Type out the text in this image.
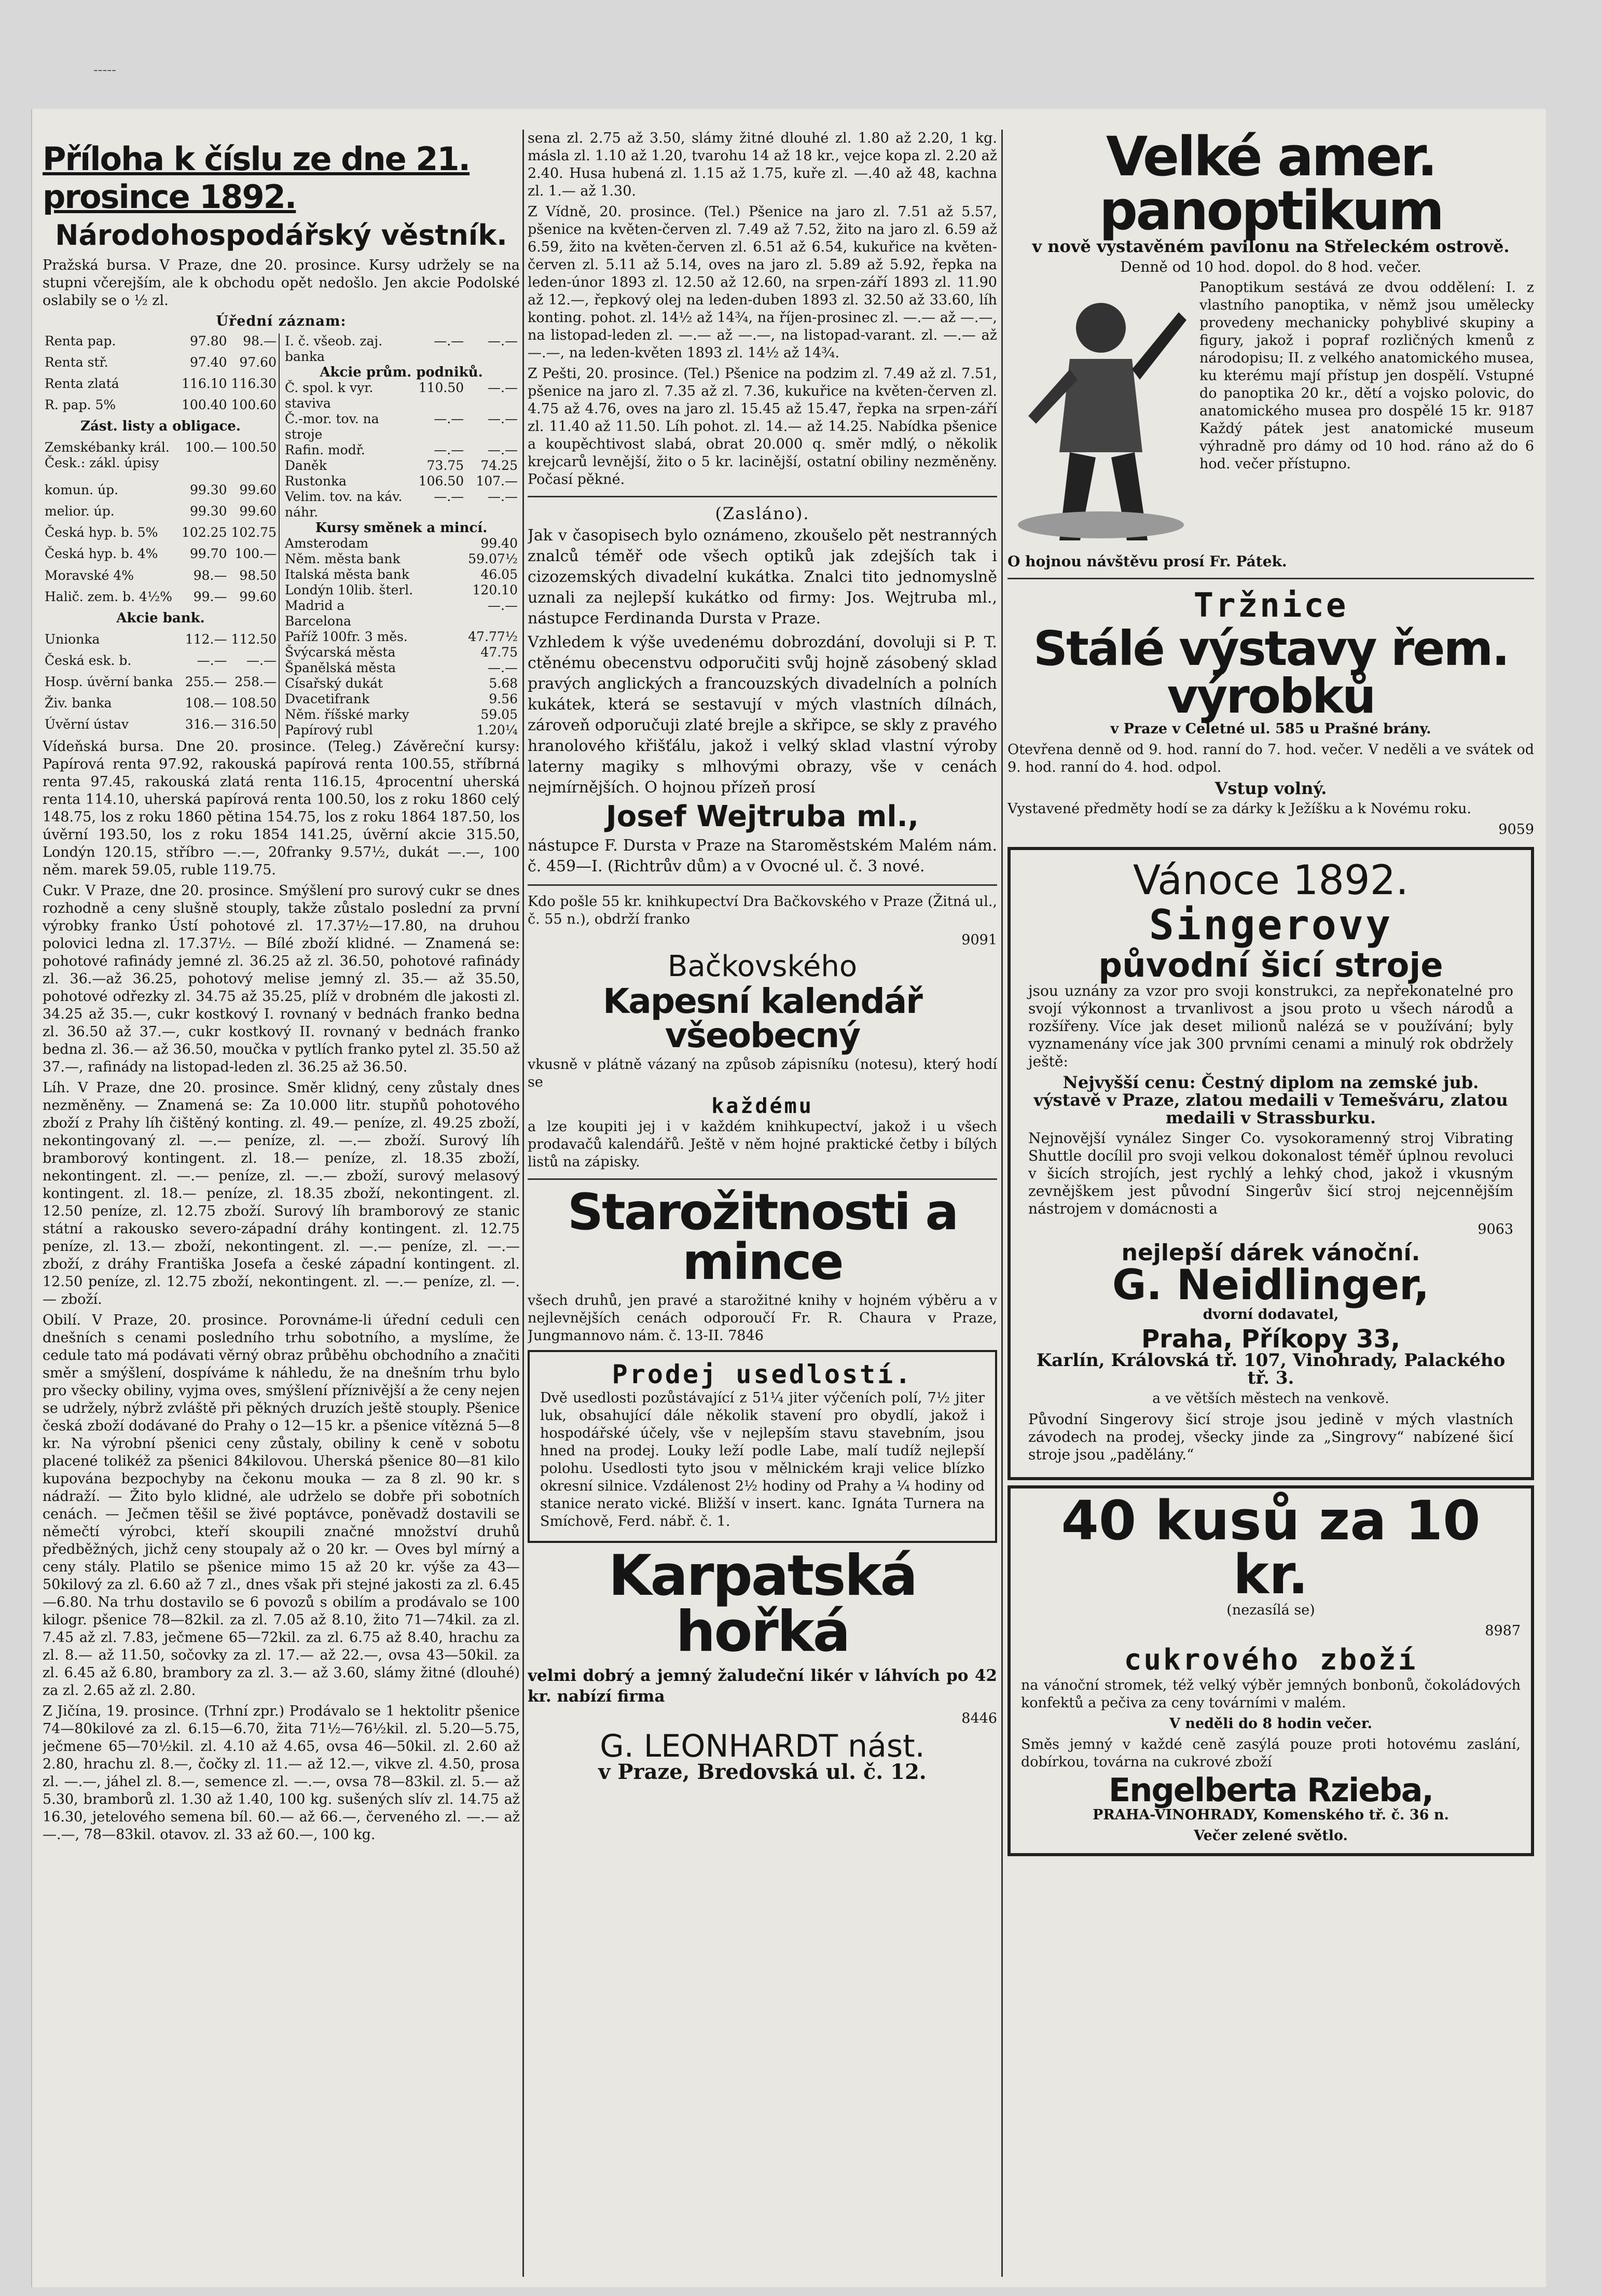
-----
Příloha k číslu ze dne 21. prosince 1892.
Národohospodářský věstník.

Pražská bursa. V Praze, dne 20. prosince. Kursy udržely se na stupni včerejším, ale k obchodu opět nedošlo. Jen akcie Podolské oslabily se o ½ zl.

Úřední záznam:

Renta pap.	97.80	98.—
Renta stř.	97.40	97.60
Renta zlatá	116.10	116.30
R. pap. 5%	100.40	100.60
Zást. listy a obligace.		
Zemskébanky král. Česk.: zákl. úpisy	100.—	100.50
komun. úp.	99.30	99.60
melior. úp.	99.30	99.60
Česká hyp. b. 5%	102.25	102.75
Česká hyp. b. 4%	99.70	100.—
Moravské 4%	98.—	98.50
Halič. zem. b. 4½%	99.—	99.60
Akcie bank.		
Unionka	112.—	112.50
Česká esk. b.	—.—	—.—
Hosp. úvěrní banka	255.—	258.—
Živ. banka	108.—	108.50
Úvěrní ústav	316.—	316.50
I. č. všeob. zaj. banka	—.—	—.—
Akcie prům. podniků.		
Č. spol. k vyr. staviva	110.50	—.—
Č.-mor. tov. na stroje	—.—	—.—
Rafin. modř.	—.—	—.—
Daněk	73.75	74.25
Rustonka	106.50	107.—
Velim. tov. na káv. náhr.	—.—	—.—
Kursy směnek a mincí.		
Amsterodam		99.40
Něm. města bank		59.07½
Italská města bank		46.05
Londýn 10lib. šterl.		120.10
Madrid a Barcelona		—.—
Paříž 100fr. 3 měs.		47.77½
Švýcarská města		47.75
Španělská města		—.—
Císařský dukát		5.68
Dvacetifrank		9.56
Něm. říšské marky		59.05
Papírový rubl		1.20¼

Vídeňská bursa. Dne 20. prosince. (Teleg.) Závěreční kursy: Papírová renta 97.92, rakouská papírová renta 100.55, stříbrná renta 97.45, rakouská zlatá renta 116.15, 4procentní uherská renta 114.10, uherská papírová renta 100.50, los z roku 1860 celý 148.75, los z roku 1860 pětina 154.75, los z roku 1864 187.50, los úvěrní 193.50, los z roku 1854 141.25, úvěrní akcie 315.50, Londýn 120.15, stříbro —.—, 20franky 9.57½, dukát —.—, 100 něm. marek 59.05, ruble 119.75.

Cukr. V Praze, dne 20. prosince. Smýšlení pro surový cukr se dnes rozhodně a ceny slušně stouply, takže zůstalo poslední za první výrobky franko Ústí pohotové zl. 17.37½—17.80, na druhou polovici ledna zl. 17.37½. — Bílé zboží klidné. — Znamená se: pohotové rafinády jemné zl. 36.25 až zl. 36.50, pohotové rafinády zl. 36.—až 36.25, pohotový melise jemný zl. 35.— až 35.50, pohotové odřezky zl. 34.75 až 35.25, plíž v drobném dle jakosti zl. 34.25 až 35.—, cukr kostkový I. rovnaný v bednách franko bedna zl. 36.50 až 37.—, cukr kostkový II. rovnaný v bednách franko bedna zl. 36.— až 36.50, moučka v pytlích franko pytel zl. 35.50 až 37.—, rafinády na listopad-leden zl. 36.25 až 36.50.

Líh. V Praze, dne 20. prosince. Směr klidný, ceny zůstaly dnes nezměněny. — Znamená se: Za 10.000 litr. stupňů pohotového zboží z Prahy líh čištěný konting. zl. 49.— peníze, zl. 49.25 zboží, nekontingovaný zl. —.— peníze, zl. —.— zboží. Surový líh bramborový kontingent. zl. 18.— peníze, zl. 18.35 zboží, nekontingent. zl. —.— peníze, zl. —.— zboží, surový melasový kontingent. zl. 18.— peníze, zl. 18.35 zboží, nekontingent. zl. 12.50 peníze, zl. 12.75 zboží. Surový líh bramborový ze stanic státní a rakousko severo-západní dráhy kontingent. zl. 12.75 peníze, zl. 13.— zboží, nekontingent. zl. —.— peníze, zl. —.— zboží, z dráhy Františka Josefa a české západní kontingent. zl. 12.50 peníze, zl. 12.75 zboží, nekontingent. zl. —.— peníze, zl. —.— zboží.

Obilí. V Praze, 20. prosince. Porovnáme-li úřední ceduli cen dnešních s cenami posledního trhu sobotního, a myslíme, že cedule tato má podávati věrný obraz průběhu obchodního a značiti směr a smýšlení, dospíváme k náhledu, že na dnešním trhu bylo pro všecky obiliny, vyjma oves, smýšlení příznivější a že ceny nejen se udržely, nýbrž zvláště při pěkných druzích ještě stouply. Pšenice česká zboží dodávané do Prahy o 12—15 kr. a pšenice vítězná 5—8 kr. Na výrobní pšenici ceny zůstaly, obiliny k ceně v sobotu placené tolikéž za pšenici 84kilovou. Uherská pšenice 80—81 kilo kupována bezpochyby na čekonu mouka — za 8 zl. 90 kr. s nádraží. — Žito bylo klidné, ale udrželo se dobře při sobotních cenách. — Ječmen těšil se živé poptávce, poněvadž dostavili se němečtí výrobci, kteří skoupili značné množství druhů předběžných, jichž ceny stoupaly až o 20 kr. — Oves byl mírný a ceny stály. Platilo se pšenice mimo 15 až 20 kr. výše za 43—50kilový za zl. 6.60 až 7 zl., dnes však při stejné jakosti za zl. 6.45—6.80. Na trhu dostavilo se 6 povozů s obilím a prodávalo se 100 kilogr. pšenice 78—82kil. za zl. 7.05 až 8.10, žito 71—74kil. za zl. 7.45 až zl. 7.83, ječmene 65—72kil. za zl. 6.75 až 8.40, hrachu za zl. 8.— až 11.50, sočovky za zl. 17.— až 22.—, ovsa 43—50kil. za zl. 6.45 až 6.80, brambory za zl. 3.— až 3.60, slámy žitné (dlouhé) za zl. 2.65 až zl. 2.80.

Z Jičína, 19. prosince. (Trhní zpr.) Prodávalo se 1 hektolitr pšenice 74—80kilové za zl. 6.15—6.70, žita 71½—76½kil. zl. 5.20—5.75, ječmene 65—70½kil. zl. 4.10 až 4.65, ovsa 46—50kil. zl. 2.60 až 2.80, hrachu zl. 8.—, čočky zl. 11.— až 12.—, vikve zl. 4.50, prosa zl. —.—, jáhel zl. 8.—, semence zl. —.—, ovsa 78—83kil. zl. 5.— až 5.30, bramborů zl. 1.30 až 1.40, 100 kg. sušených slív zl. 14.75 až 16.30, jetelového semena bíl. 60.— až 66.—, červeného zl. —.— až —.—, 78—83kil. otavov. zl. 33 až 60.—, 100 kg.

sena zl. 2.75 až 3.50, slámy žitné dlouhé zl. 1.80 až 2.20, 1 kg. másla zl. 1.10 až 1.20, tvarohu 14 až 18 kr., vejce kopa zl. 2.20 až 2.40. Husa hubená zl. 1.15 až 1.75, kuře zl. —.40 až 48, kachna zl. 1.— až 1.30.

Z Vídně, 20. prosince. (Tel.) Pšenice na jaro zl. 7.51 až 5.57, pšenice na květen-červen zl. 7.49 až 7.52, žito na jaro zl. 6.59 až 6.59, žito na květen-červen zl. 6.51 až 6.54, kukuřice na květen-červen zl. 5.11 až 5.14, oves na jaro zl. 5.89 až 5.92, řepka na leden-únor 1893 zl. 12.50 až 12.60, na srpen-září 1893 zl. 11.90 až 12.—, řepkový olej na leden-duben 1893 zl. 32.50 až 33.60, líh konting. pohot. zl. 14½ až 14¾, na říjen-prosinec zl. —.— až —.—, na listopad-leden zl. —.— až —.—, na listopad-varant. zl. —.— až —.—, na leden-květen 1893 zl. 14½ až 14¾.

Z Pešti, 20. prosince. (Tel.) Pšenice na podzim zl. 7.49 až zl. 7.51, pšenice na jaro zl. 7.35 až zl. 7.36, kukuřice na květen-červen zl. 4.75 až 4.76, oves na jaro zl. 15.45 až 15.47, řepka na srpen-září zl. 11.40 až 11.50. Líh pohot. zl. 14.— až 14.25. Nabídka pšenice a koupěchtivost slabá, obrat 20.000 q. směr mdlý, o několik krejcarů levnější, žito o 5 kr. lacinější, ostatní obiliny nezměněny. Počasí pěkné.

(Zasláno).

Jak v časopisech bylo oznámeno, zkoušelo pět nestranných znalců téměř ode všech optiků jak zdejších tak i cizozemských divadelní kukátka. Znalci tito jednomyslně uznali za nejlepší kukátko od firmy: Jos. Wejtruba ml., nástupce Ferdinanda Dursta v Praze.

Vzhledem k výše uvedenému dobrozdání, dovoluji si P. T. ctěnému obecenstvu odporučiti svůj hojně zásobený sklad pravých anglických a francouzských divadelních a polních kukátek, která se sestavují v mých vlastních dílnách, zároveň odporučuji zlaté brejle a skřipce, se skly z pravého hranolového křišťálu, jakož i velký sklad vlastní výroby laterny magiky s mlhovými obrazy, vše v cenách nejmírnějších. O hojnou přízeň prosí

Josef Wejtruba ml.,

nástupce F. Dursta v Praze na Staroměstském Malém nám. č. 459—I. (Richtrův dům) a v Ovocné ul. č. 3 nové.

Kdo pošle 55 kr. knihkupectví Dra Bačkovského v Praze (Žitná ul., č. 55 n.), obdrží franko

9091

Bačkovského
Kapesní kalendář všeobecný

vkusně v plátně vázaný na způsob zápisníku (notesu), který hodí se

každému

a lze koupiti jej i v každém knihkupectví, jakož i u všech prodavačů kalendářů. Ještě v něm hojné praktické četby i bílých listů na zápisky.

Starožitnosti a mince

všech druhů, jen pravé a starožitné knihy v hojném výběru a v nejlevnějších cenách odporoučí Fr. R. Chaura v Praze, Jungmannovo nám. č. 13-II. 7846

Prodej usedlostí.

Dvě usedlosti pozůstávající z 51¼ jiter výčeních polí, 7½ jiter luk, obsahující dále několik stavení pro obydlí, jakož i hospodářské účely, vše v nejlepším stavu stavebním, jsou hned na prodej. Louky leží podle Labe, malí tudíž nejlepší polohu. Usedlosti tyto jsou v mělnickém kraji velice blízko okresní silnice. Vzdálenost 2½ hodiny od Prahy a ¼ hodiny od stanice nerato vické. Bližší v insert. kanc. Ignáta Turnera na Smíchově, Ferd. nábř. č. 1.

Karpatská hořká

velmi dobrý a jemný žaludeční likér v láhvích po 42 kr. nabízí firma

8446

G. LEONHARDT nást.
v Praze, Bredovská ul. č. 12.
Velké amer. panoptikum

v nově vystavěném pavilonu na Střeleckém ostrově.

Denně od 10 hod. dopol. do 8 hod. večer.

Panoptikum sestává ze dvou oddělení: I. z vlastního panoptika, v němž jsou umělecky provedeny mechanicky pohyblivé skupiny a figury, jakož i popraf rozličných kmenů z národopisu; II. z velkého anatomického musea, ku kterému mají přístup jen dospělí. Vstupné do panoptika 20 kr., dětí a vojsko polovic, do anatomického musea pro dospělé 15 kr. 9187 Každý pátek jest anatomické museum výhradně pro dámy od 10 hod. ráno až do 6 hod. večer přístupno.

O hojnou návštěvu prosí Fr. Pátek.

Tržnice
Stálé výstavy řem. výrobků

v Praze v Celetné ul. 585 u Prašné brány.

Otevřena denně od 9. hod. ranní do 7. hod. večer. V neděli a ve svátek od 9. hod. ranní do 4. hod. odpol.

Vstup volný.

Vystavené předměty hodí se za dárky k Ježíšku a k Novému roku.

9059

Vánoce 1892.
Singerovy
původní šicí stroje

jsou uznány za vzor pro svoji konstrukci, za nepřekonatelné pro svojí výkonnost a trvanlivost a jsou proto u všech národů a rozšířeny. Více jak deset milionů nalézá se v používání; byly vyznamenány více jak 300 prvními cenami a minulý rok obdržely ještě:

Nejvyšší cenu: Čestný diplom na zemské jub. výstavě v Praze, zlatou medaili v Temešváru, zlatou medaili v Strassburku.

Nejnovější vynález Singer Co. vysokoramenný stroj Vibrating Shuttle docílil pro svoji velkou dokonalost téměř úplnou revoluci v šicích strojích, jest rychlý a lehký chod, jakož i vkusným zevnějškem jest původní Singerův šicí stroj nejcennějším nástrojem v domácnosti a

9063

nejlepší dárek vánoční.
G. Neidlinger,

dvorní dodavatel,

Praha, Příkopy 33,

Karlín, Královská tř. 107, Vinohrady, Palackého tř. 3.

a ve větších městech na venkově.

Původní Singerovy šicí stroje jsou jedině v mých vlastních závodech na prodej, všecky jinde za „Singrovy“ nabízené šicí stroje jsou „padělány.“

40 kusů za 10 kr.

(nezasílá se)

8987

cukrového zboží

na vánoční stromek, též velký výběr jemných bonbonů, čokoládových konfektů a pečiva za ceny továrními v malém.

V neděli do 8 hodin večer.

Směs jemný v každé ceně zasýlá pouze proti hotovému zaslání, dobírkou, továrna na cukrové zboží

Engelberta Rzieba,

PRAHA-VINOHRADY, Komenského tř. č. 36 n.

Večer zelené světlo.
